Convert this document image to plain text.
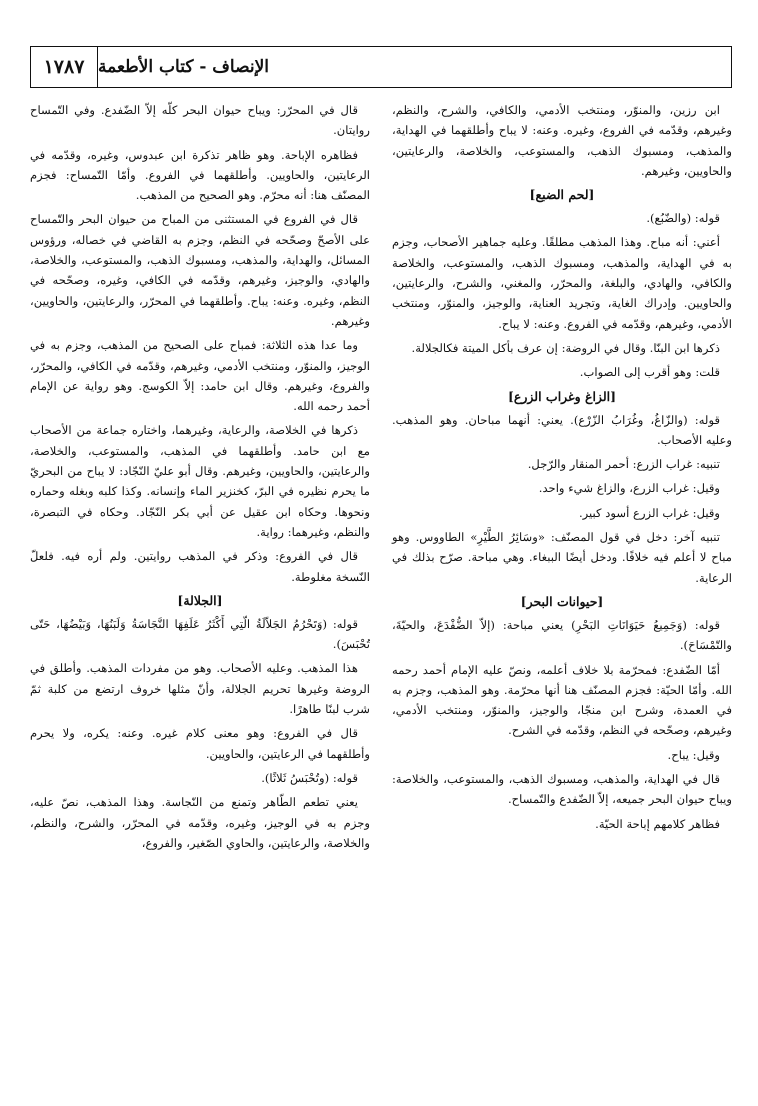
١٧٨٧ الإنصاف - كتاب الأطعمة

ابن رزين، والمنوّر، ومنتخب الأدمي، والكافي، والشرح، والنظم، وغيرهم، وقدّمه في الفروع، وغيره. وعنه: لا يباح وأطلقهما في الهداية، والمذهب، ومسبوك الذهب، والمستوعب، والخلاصة، والرعايتين، والحاويين، وغيرهم.

[لحم الضبع]

قوله: (والضّبُع).

أعني: أنه مباح. وهذا المذهب مطلقًا. وعليه جماهير الأصحاب، وجزم به في الهداية، والمذهب، ومسبوك الذهب، والمستوعب، والخلاصة والكافي، والهادي، والبلغة، والمحرّر، والمغني، والشرح، والرعايتين، والحاويين. وإدراك الغاية، وتجريد العناية، والوجيز، والمنوّر، ومنتخب الأدمي، وغيرهم، وقدّمه في الفروع. وعنه: لا يباح.

ذكرها ابن البنّا. وقال في الروضة: إن عرف بأكل الميتة فكالجلالة.

قلت: وهو أقرب إلى الصواب.

[الزاغ وغراب الزرع]

قوله: (والزّاغُ، وغُرَابُ الزّرْع). يعني: أنهما مباحان. وهو المذهب. وعليه الأصحاب.

تنبيه: غراب الزرع: أحمر المنقار والرّجل.

وقيل: غراب الزرع، والزاغ شيء واحد.

وقيل: غراب الزرع أسود كبير.

تنبيه آخر: دخل في قول المصنّف: «وسَائِرُ الطَّيْرِ» الطاووس. وهو مباح لا أعلم فيه خلافًا. ودخل أيضًا الببغاء. وهي مباحة. صرّح بذلك في الرعاية.

[حيوانات البحر]

قوله: (وَجَمِيعُ حَيَوَانَاتِ البَحْرِ) يعني مباحة: (إلاّ الضُّفْدَعَ، والحيّةَ، والتّمْسَاحَ).

أمّا الضّفدع: فمحرّمة بلا خلاف أعلمه، ونصّ عليه الإمام أحمد رحمه الله. وأمّا الحيّة: فجزم المصنّف هنا أنها محرّمة. وهو المذهب، وجزم به في العمدة، وشرح ابن منجّا، والوجيز، والمنوّر، ومنتخب الأدمي، وغيرهم، وصحّحه في النظم، وقدّمه في الشرح.

وقيل: يباح.

قال في الهداية، والمذهب، ومسبوك الذهب، والمستوعب، والخلاصة: ويباح حيوان البحر جميعه، إلاّ الضّفدع والتّمساح.

فظاهر كلامهم إباحة الحيّة.

قال في المحرّر: ويباح حيوان البحر كلّه إلاّ الضّفدع. وفي التّمساح روايتان.

فظاهره الإباحة. وهو ظاهر تذكرة ابن عبدوس، وغيره، وقدّمه في الرعايتين، والحاويين. وأطلقهما في الفروع. وأمّا التّمساح: فجزم المصنّف هنا: أنه محرّم. وهو الصحيح من المذهب.

قال في الفروع في المستثنى من المباح من حيوان البحر والتّمساح على الأصحّ وصحّحه في النظم، وجزم به القاضي في خصاله، ورؤوس المسائل، والهداية، والمذهب، ومسبوك الذهب، والمستوعب، والخلاصة، والهادي، والوجيز، وغيرهم، وقدّمه في الكافي، وغيره، وصحّحه في النظم، وغيره. وعنه: يباح. وأطلقهما في المحرّر، والرعايتين، والحاويين، وغيرهم.

وما عدا هذه الثلاثة: فمباح على الصحيح من المذهب، وجزم به في الوجيز، والمنوّر، ومنتخب الأدمي، وغيرهم، وقدّمه في الكافي، والمحرّر، والفروع، وغيرهم. وقال ابن حامد: إلاّ الكوسج. وهو رواية عن الإمام أحمد رحمه الله.

ذكرها في الخلاصة، والرعاية، وغيرهما، واختاره جماعة من الأصحاب مع ابن حامد. وأطلقهما في المذهب، والمستوعب، والخلاصة، والرعايتين، والحاويين، وغيرهم. وقال أبو عليّ النّجّاد: لا يباح من البحريّ ما يحرم نظيره في البرّ، كخنزير الماء وإنسانه. وكذا كلبه وبغله وحماره ونحوها. وحكاه ابن عقيل عن أبي بكر النّجّاد. وحكاه في التبصرة، والنظم، وغيرهما: رواية.

قال في الفروع: وذكر في المذهب روايتين. ولم أره فيه. فلعلّ النّسخة مغلوطة.

[الجلالة]

قوله: (وَتَحْرُمُ الجَلاّلَةُ الّتِي أَكْثَرُ عَلَفِهَا النَّجَاسَةُ وَلَبَنُهَا، وَبَيْضُهَا، حَتّى تُحْبَسَ).

هذا المذهب. وعليه الأصحاب. وهو من مفردات المذهب. وأطلق في الروضة وغيرها تحريم الجلالة، وأنّ مثلها خروف ارتضع من كلبة ثمّ شرب لبنًا طاهرًا.

قال في الفروع: وهو معنى كلام غيره. وعنه: يكره، ولا يحرم وأطلقهما في الرعايتين، والحاويين.

قوله: (وتُحْبَسُ ثَلاثًا).

يعني تطعم الطّاهر وتمنع من النّجاسة. وهذا المذهب، نصّ عليه، وجزم به في الوجيز، وغيره، وقدّمه في المحرّر، والشرح، والنظم، والخلاصة، والرعايتين، والحاوي الصّغير، والفروع،
